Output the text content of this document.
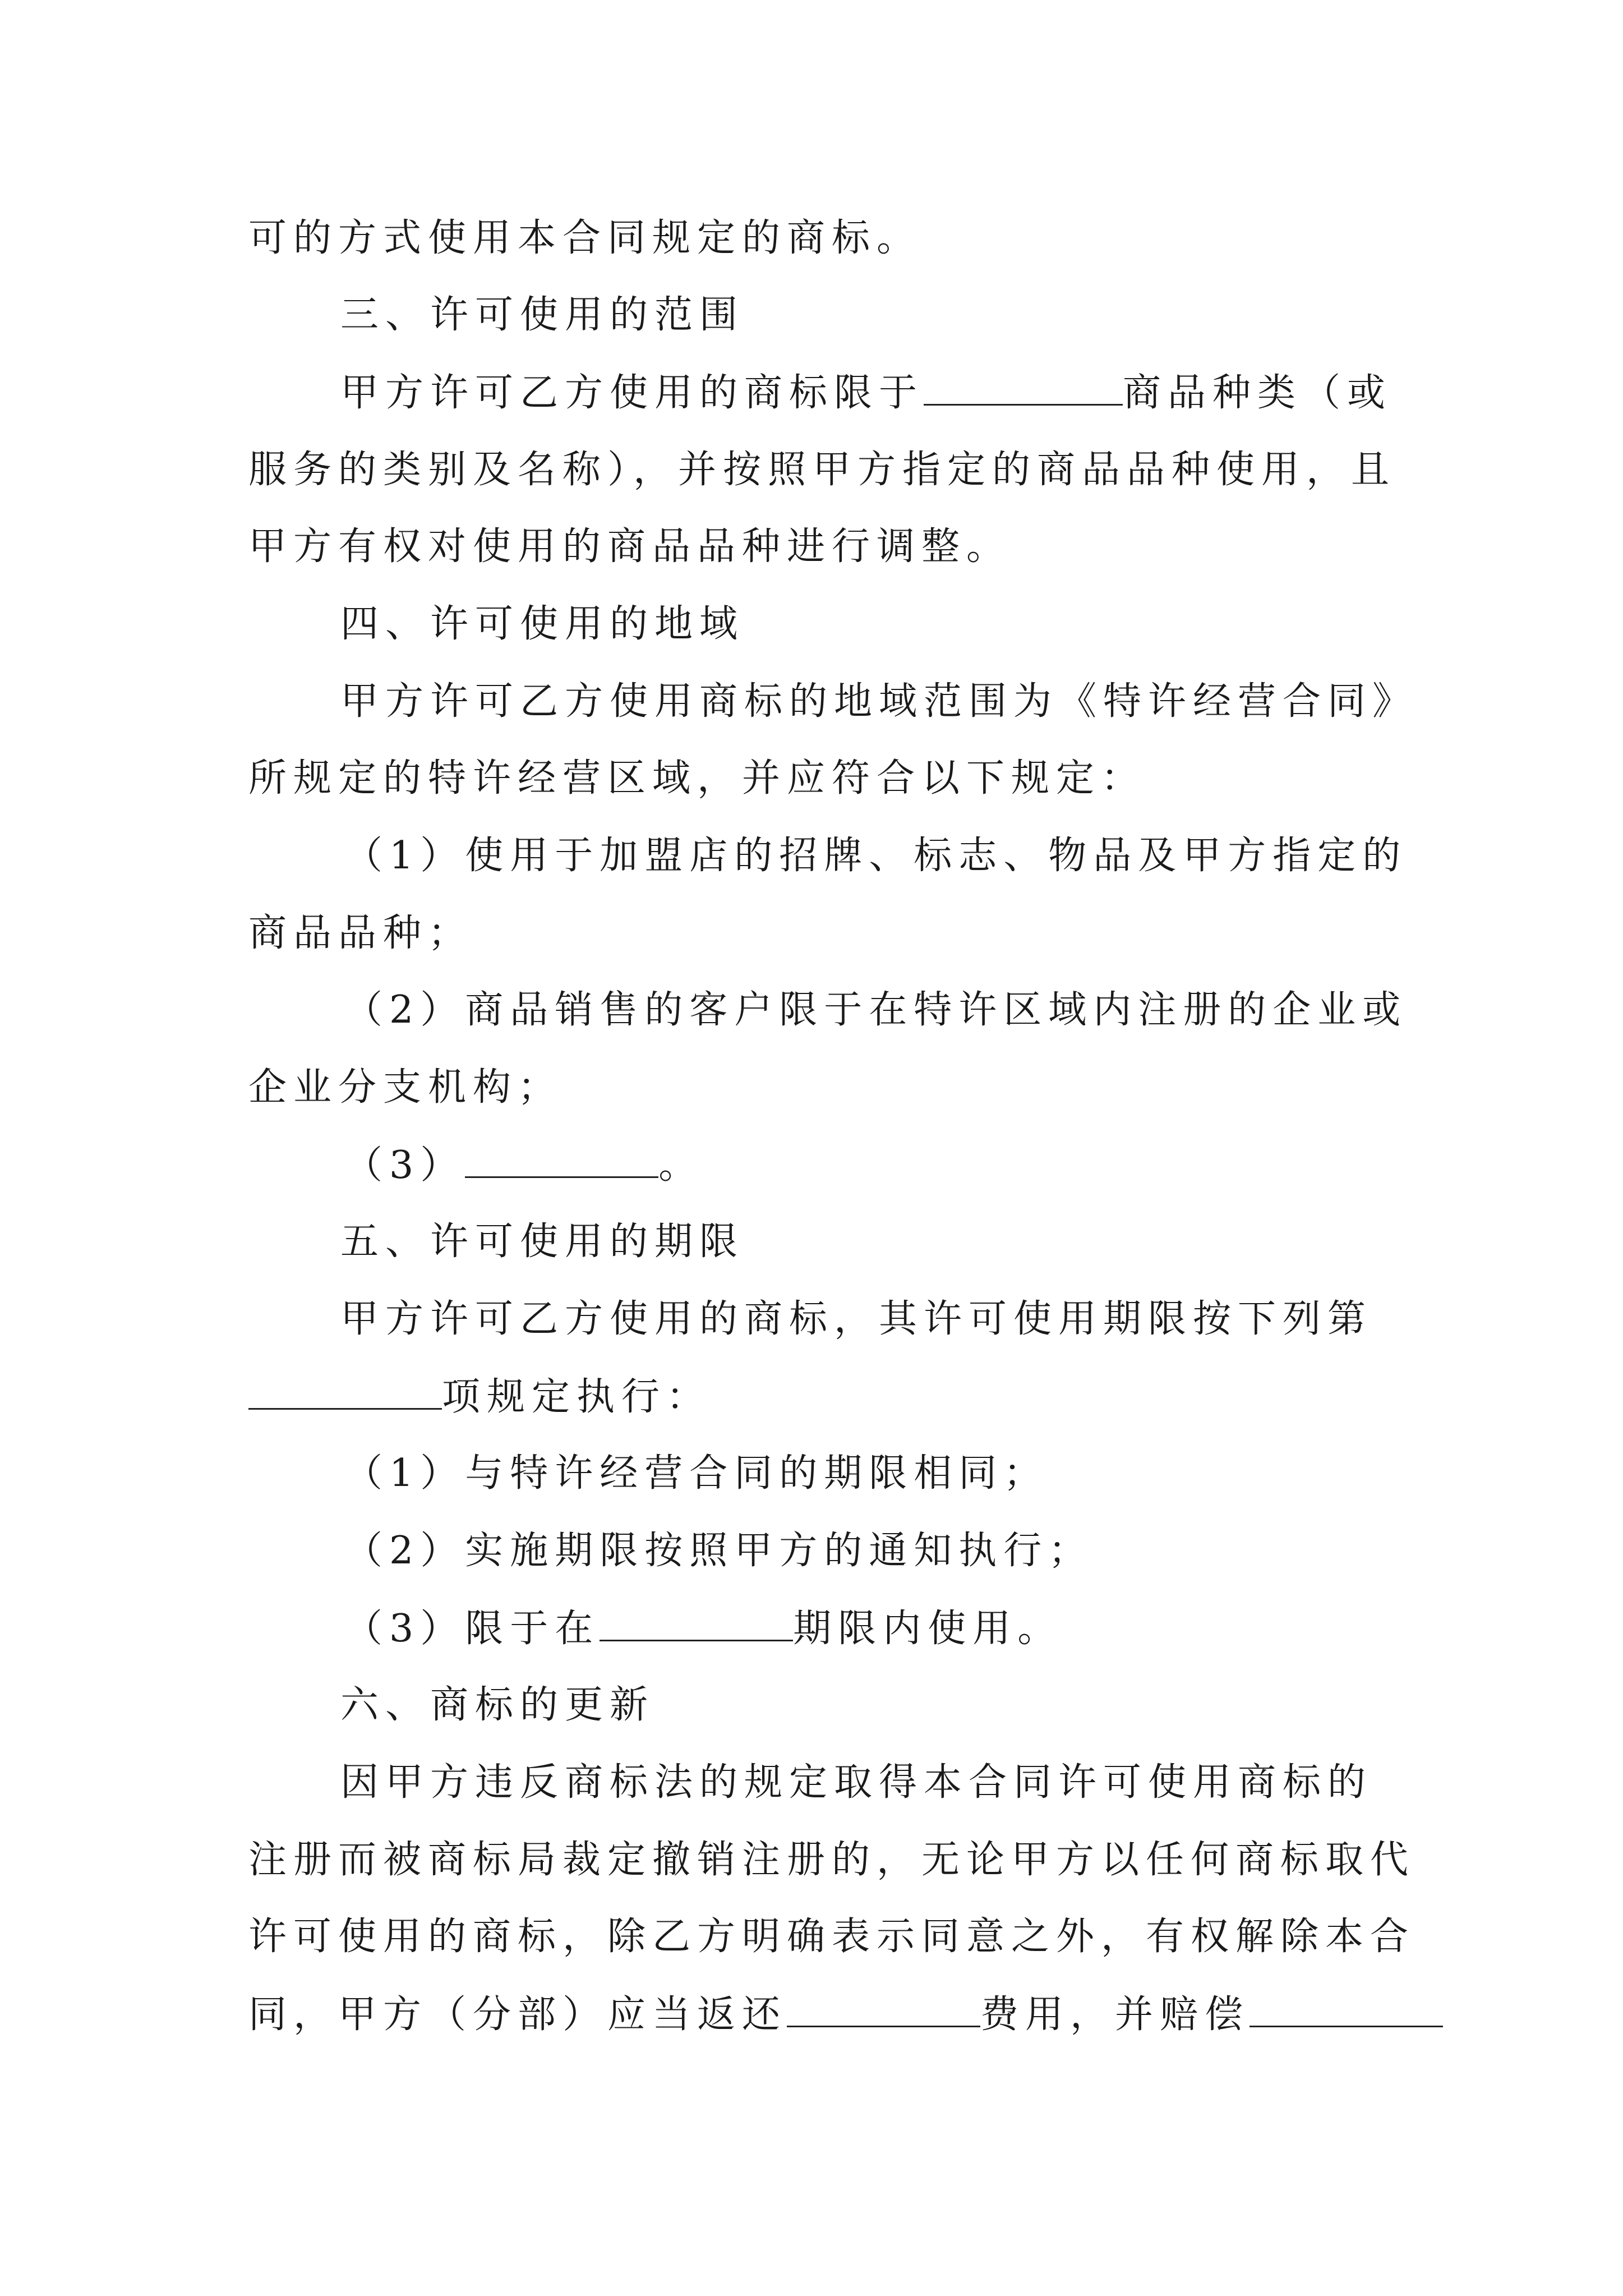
可的方式使用本合同规定的商标。
三、许可使用的范围
甲方许可乙方使用的商标限于	商品种类（或
服务的类别及名称），并按照甲方指定的商品品种使用，且
甲方有权对使用的商品品种进行调整。
四、许可使用的地域
甲方许可乙方使用商标的地域范围为《特许经营合同》
所规定的特许经营区域，并应符合以下规定：
（1）使用于加盟店的招牌、标志、物品及甲方指定的
商品品种；
（2）商品销售的客户限于在特许区域内注册的企业或
企业分支机构；
（3）	。
五、许可使用的期限
甲方许可乙方使用的商标，其许可使用期限按下列第
项规定执行：
（1）与特许经营合同的期限相同；
（2）实施期限按照甲方的通知执行；
（3）限于在	期限内使用。
六、商标的更新
因甲方违反商标法的规定取得本合同许可使用商标的
注册而被商标局裁定撤销注册的，无论甲方以任何商标取代
许可使用的商标，除乙方明确表示同意之外，有权解除本合
同，甲方（分部）应当返还	费用，并赔偿
